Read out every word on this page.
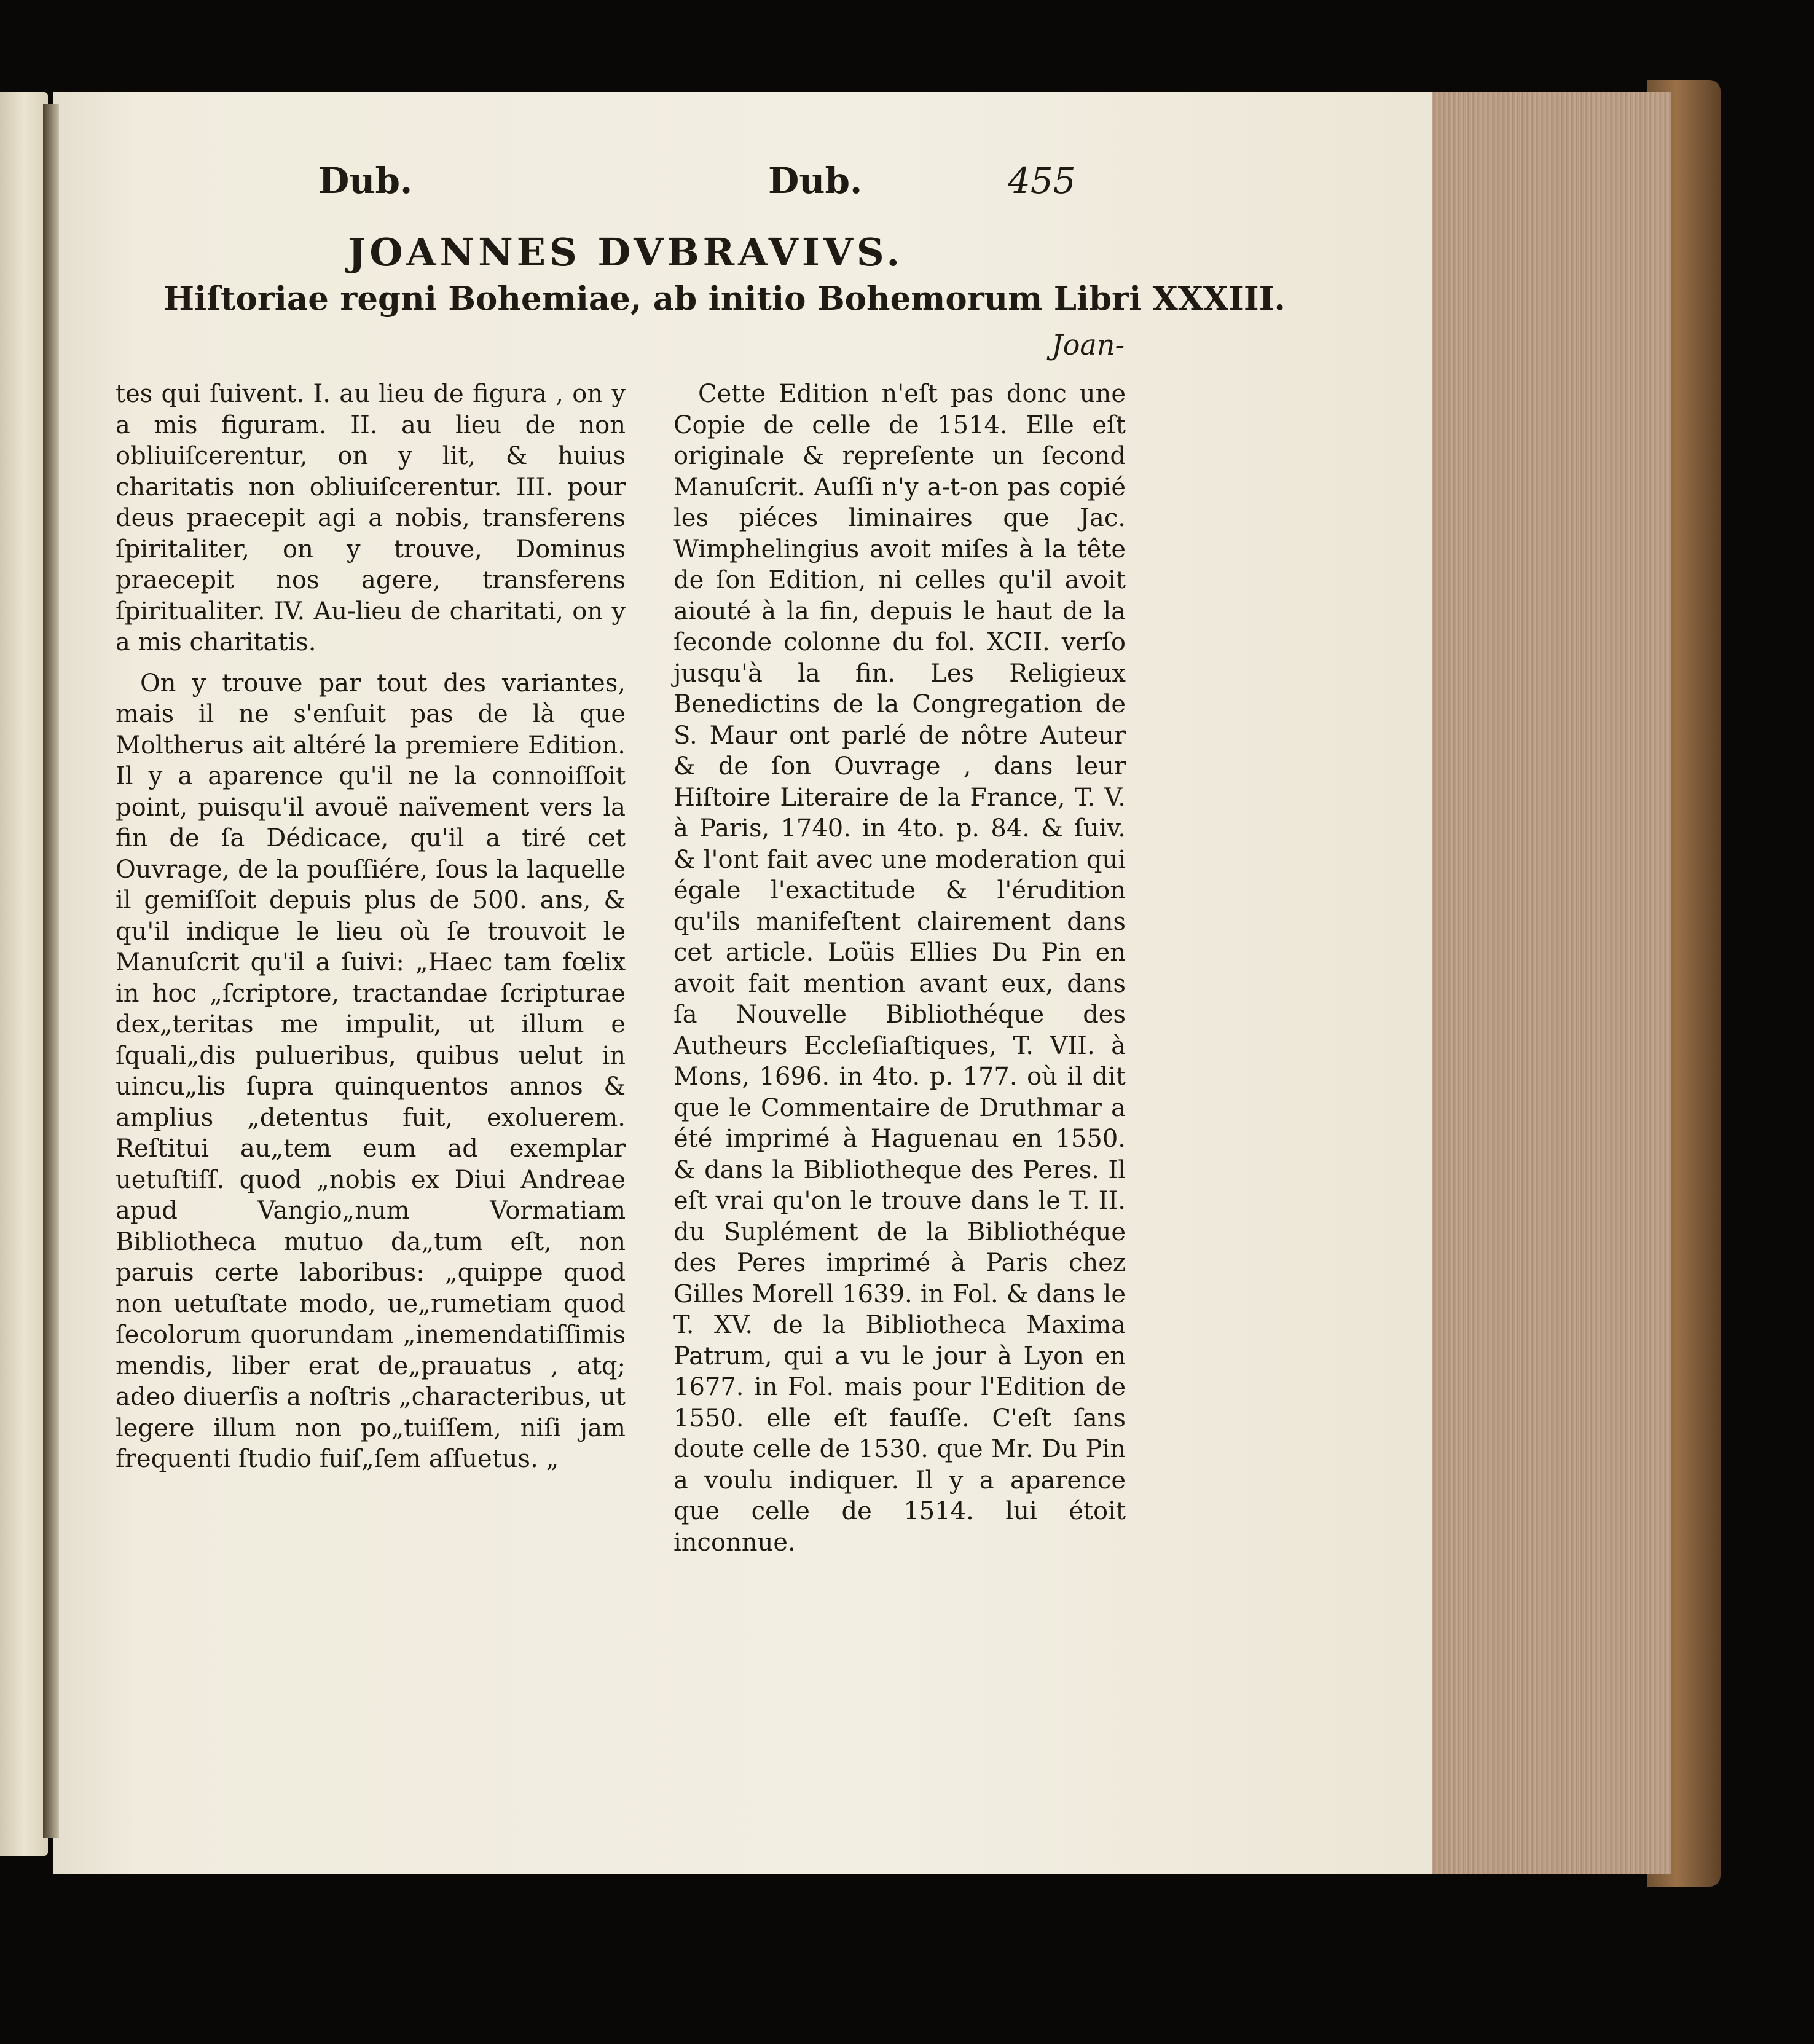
Dub.	Dub.	455
JOANNES DVBRAVIVS.
Hiſtoriae regni Bohemiae, ab initio Bohemorum Libri XXXIII.
Joan-

tes qui ſuivent. I. au lieu de figura , on y a mis figuram. II. au lieu de non obliuiſcerentur, on y lit, & huius charitatis non obliuiſcerentur. III. pour deus praecepit agi a nobis, transferens ſpiritaliter, on y trouve, Dominus praecepit nos agere, transferens ſpiritualiter. IV. Au-lieu de charitati, on y a mis charitatis.

On y trouve par tout des variantes, mais il ne s'enſuit pas de là que Moltherus ait altéré la premiere Edition. Il y a aparence qu'il ne la connoiſſoit point, puisqu'il avouë naïvement vers la fin de ſa Dédicace, qu'il a tiré cet Ouvrage, de la pouſſiére, ſous la laquelle il gemiſſoit depuis plus de 500. ans, & qu'il indique le lieu où ſe trouvoit le Manuſcrit qu'il a ſuivi: „Haec tam fœlix in hoc „ſcriptore, tractandae ſcripturae dex„teritas me impulit, ut illum e ſquali„dis pulueribus, quibus uelut in uincu„lis ſupra quinquentos annos & amplius „detentus fuit, exoluerem. Reſtitui au„tem eum ad exemplar uetuſtiſſ. quod „nobis ex Diui Andreae apud Vangio„num Vormatiam Bibliotheca mutuo da„tum eſt, non paruis certe laboribus: „quippe quod non uetuſtate modo, ue„rumetiam quod ſecolorum quorundam „inemendatiſſimis mendis, liber erat de„prauatus , atq; adeo diuerſis a noſtris „characteribus, ut legere illum non po„tuiſſem, niſi jam frequenti ſtudio fuiſ„ſem aſſuetus. „

Cette Edition n'eſt pas donc une Copie de celle de 1514. Elle eſt originale & repreſente un ſecond Manuſcrit. Auſſi n'y a-t-on pas copié les piéces liminaires que Jac. Wimphelingius avoit miſes à la tête de ſon Edition, ni celles qu'il avoit aiouté à la fin, depuis le haut de la ſeconde colonne du fol. XCII. verſo jusqu'à la fin. Les Religieux Benedictins de la Congregation de S. Maur ont parlé de nôtre Auteur & de ſon Ouvrage , dans leur Hiſtoire Literaire de la France, T. V. à Paris, 1740. in 4to. p. 84. & ſuiv. & l'ont fait avec une moderation qui égale l'exactitude & l'érudition qu'ils manifeſtent clairement dans cet article. Loüis Ellies Du Pin en avoit fait mention avant eux, dans ſa Nouvelle Bibliothéque des Autheurs Eccleſiaſtiques, T. VII. à Mons, 1696. in 4to. p. 177. où il dit que le Commentaire de Druthmar a été imprimé à Haguenau en 1550. & dans la Bibliotheque des Peres. Il eſt vrai qu'on le trouve dans le T. II. du Suplément de la Bibliothéque des Peres imprimé à Paris chez Gilles Morell 1639. in Fol. & dans le T. XV. de la Bibliotheca Maxima Patrum, qui a vu le jour à Lyon en 1677. in Fol. mais pour l'Edition de 1550. elle eſt fauſſe. C'eſt ſans doute celle de 1530. que Mr. Du Pin a voulu indiquer. Il y a aparence que celle de 1514. lui étoit inconnue.
